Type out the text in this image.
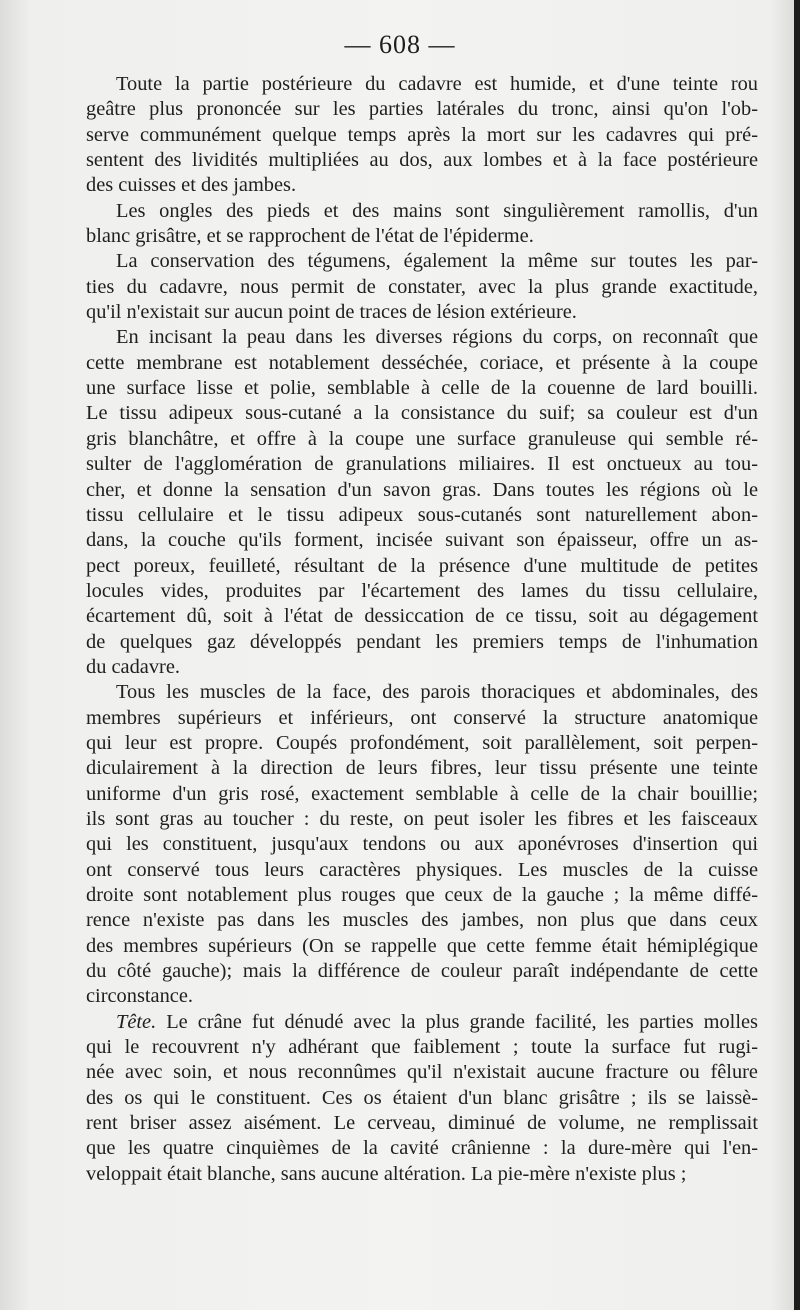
— 608 —
Toute la partie postérieure du cadavre est humide, et d'une teinte rou
geâtre plus prononcée sur les parties latérales du tronc, ainsi qu'on l'ob-
serve communément quelque temps après la mort sur les cadavres qui pré-
sentent des lividités multipliées au dos, aux lombes et à la face postérieure
des cuisses et des jambes.
Les ongles des pieds et des mains sont singulièrement ramollis, d'un
blanc grisâtre, et se rapprochent de l'état de l'épiderme.
La conservation des tégumens, également la même sur toutes les par-
ties du cadavre, nous permit de constater, avec la plus grande exactitude,
qu'il n'existait sur aucun point de traces de lésion extérieure.
En incisant la peau dans les diverses régions du corps, on reconnaît que
cette membrane est notablement desséchée, coriace, et présente à la coupe
une surface lisse et polie, semblable à celle de la couenne de lard bouilli.
Le tissu adipeux sous-cutané a la consistance du suif; sa couleur est d'un
gris blanchâtre, et offre à la coupe une surface granuleuse qui semble ré-
sulter de l'agglomération de granulations miliaires. Il est onctueux au tou-
cher, et donne la sensation d'un savon gras. Dans toutes les régions où le
tissu cellulaire et le tissu adipeux sous-cutanés sont naturellement abon-
dans, la couche qu'ils forment, incisée suivant son épaisseur, offre un as-
pect poreux, feuilleté, résultant de la présence d'une multitude de petites
locules vides, produites par l'écartement des lames du tissu cellulaire,
écartement dû, soit à l'état de dessiccation de ce tissu, soit au dégagement
de quelques gaz développés pendant les premiers temps de l'inhumation
du cadavre.
Tous les muscles de la face, des parois thoraciques et abdominales, des
membres supérieurs et inférieurs, ont conservé la structure anatomique
qui leur est propre. Coupés profondément, soit parallèlement, soit perpen-
diculairement à la direction de leurs fibres, leur tissu présente une teinte
uniforme d'un gris rosé, exactement semblable à celle de la chair bouillie;
ils sont gras au toucher : du reste, on peut isoler les fibres et les faisceaux
qui les constituent, jusqu'aux tendons ou aux aponévroses d'insertion qui
ont conservé tous leurs caractères physiques. Les muscles de la cuisse
droite sont notablement plus rouges que ceux de la gauche ; la même diffé-
rence n'existe pas dans les muscles des jambes, non plus que dans ceux
des membres supérieurs (On se rappelle que cette femme était hémiplégique
du côté gauche); mais la différence de couleur paraît indépendante de cette
circonstance.
Tête. Le crâne fut dénudé avec la plus grande facilité, les parties molles
qui le recouvrent n'y adhérant que faiblement ; toute la surface fut rugi-
née avec soin, et nous reconnûmes qu'il n'existait aucune fracture ou fêlure
des os qui le constituent. Ces os étaient d'un blanc grisâtre ; ils se laissè-
rent briser assez aisément. Le cerveau, diminué de volume, ne remplissait
que les quatre cinquièmes de la cavité crânienne : la dure-mère qui l'en-
veloppait était blanche, sans aucune altération. La pie-mère n'existe plus ;
